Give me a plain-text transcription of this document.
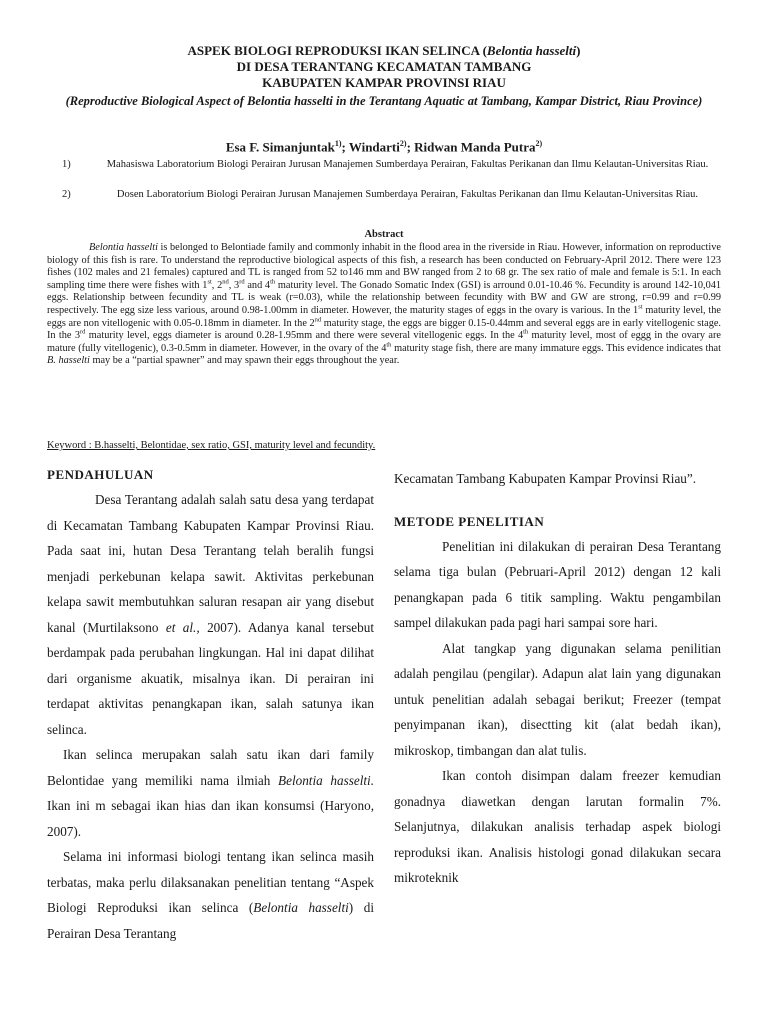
ASPEK BIOLOGI REPRODUKSI IKAN SELINCA (Belontia hasselti)
DI DESA TERANTANG KECAMATAN TAMBANG
KABUPATEN KAMPAR PROVINSI RIAU
(Reproductive Biological Aspect of Belontia hasselti in the Terantang Aquatic at Tambang, Kampar District, Riau Province)
Esa F. Simanjuntak$^{1)}$; Windarti$^{2)}$; Ridwan Manda Putra$^{2)}$
1)	Mahasiswa Laboratorium Biologi Perairan Jurusan Manajemen Sumberdaya Perairan, Fakultas Perikanan dan Ilmu Kelautan-Universitas Riau.
2)	Dosen Laboratorium Biologi Perairan Jurusan Manajemen Sumberdaya Perairan, Fakultas Perikanan dan Ilmu Kelautan-Universitas Riau.
Abstract

Belontia hasselti is belonged to Belontiade family and commonly inhabit in the flood area in the riverside in Riau. However, information on reproductive biology of this fish is rare. To understand the reproductive biological aspects of this fish, a research has been conducted on February-April 2012. There were 123 fishes (102 males and 21 females) captured and TL is ranged from 52 to146 mm and BW ranged from 2 to 68 gr. The sex ratio of male and female is 5:1. In each sampling time there were fishes with 1st, 2nd, 3rd and 4th maturity level. The Gonado Somatic Index (GSI) is arround 0.01-10.46 %. Fecundity is around 142-10,041 eggs. Relationship between fecundity and TL is weak (r=0.03), while the relationship between fecundity with BW and GW are strong, r=0.99 and r=0.99 respectively. The egg size less various, around 0.98-1.00mm in diameter. However, the maturity stages of eggs in the ovary is various. In the 1st maturity level, the eggs are non vitellogenic with 0.05-0.18mm in diameter. In the 2nd maturity stage, the eggs are bigger 0.15-0.44mm and several eggs are in early vitellogenic stage. In the 3rd maturity level, eggs diameter is around 0.28-1.95mm and there were several vitellogenic eggs. In the 4th maturity level, most of eggg in the ovary are mature (fully vitellogenic), 0.3-0.5mm in diameter. However, in the ovary of the 4th maturity stage fish, there are many immature eggs. This evidence indicates that B. hasselti may be a “partial spawner” and may spawn their eggs throughout the year.

Keyword : B.hasselti, Belontidae, sex ratio, GSI, maturity level and fecundity.
PENDAHULUAN

Desa Terantang adalah salah satu desa yang terdapat di Kecamatan Tambang Kabupaten Kampar Provinsi Riau. Pada saat ini, hutan Desa Terantang telah beralih fungsi menjadi perkebunan kelapa sawit. Aktivitas perkebunan kelapa sawit membutuhkan saluran resapan air yang disebut kanal (Murtilaksono et al., 2007). Adanya kanal tersebut berdampak pada perubahan lingkungan. Hal ini dapat dilihat dari organisme akuatik, misalnya ikan. Di perairan ini terdapat aktivitas penangkapan ikan, salah satunya ikan selinca.

Ikan selinca merupakan salah satu ikan dari family Belontidae yang memiliki nama ilmiah Belontia hasselti. Ikan ini m sebagai ikan hias dan ikan konsumsi (Haryono, 2007).

Selama ini informasi biologi tentang ikan selinca masih terbatas, maka perlu dilaksanakan penelitian tentang “Aspek Biologi Reproduksi ikan selinca (Belontia hasselti) di Perairan Desa Terantang

Kecamatan Tambang Kabupaten Kampar Provinsi Riau”.

METODE PENELITIAN

Penelitian ini dilakukan di perairan Desa Terantang selama tiga bulan (Pebruari-April 2012) dengan 12 kali penangkapan pada 6 titik sampling. Waktu pengambilan sampel dilakukan pada pagi hari sampai sore hari.

Alat tangkap yang digunakan selama penilitian adalah pengilau (pengilar). Adapun alat lain yang digunakan untuk penelitian adalah sebagai berikut; Freezer (tempat penyimpanan ikan), disectting kit (alat bedah ikan), mikroskop, timbangan dan alat tulis.

Ikan contoh disimpan dalam freezer kemudian gonadnya diawetkan dengan larutan formalin 7%. Selanjutnya, dilakukan analisis terhadap aspek biologi reproduksi ikan. Analisis histologi gonad dilakukan secara mikroteknik
